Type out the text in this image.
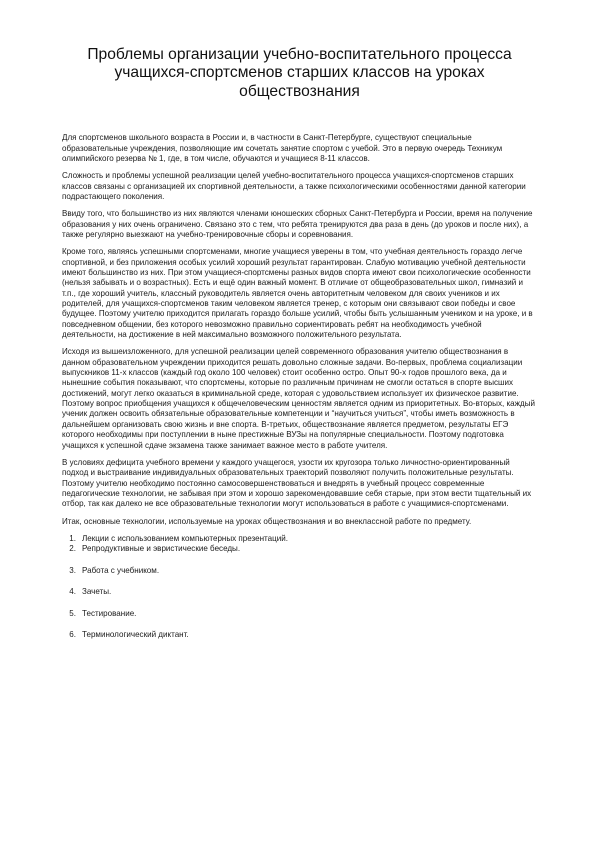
Проблемы организации учебно-воспитательного процесса учащихся-спортсменов старших классов на уроках обществознания

Для спортсменов школьного возраста в России и, в частности в Санкт-Петербурге, существуют специальные образовательные учреждения, позволяющие им сочетать занятие спортом с учебой. Это в первую очередь Техникум олимпийского резерва № 1, где, в том числе, обучаются и учащиеся 8-11 классов.

Сложность и проблемы успешной реализации целей учебно-воспитательного процесса учащихся-спортсменов старших классов связаны с организацией их спортивной деятельности, а также психологическими особенностями данной категории подрастающего поколения.

Ввиду того, что большинство из них являются членами юношеских сборных Санкт-Петербурга и России, время на получение образования у них очень ограничено. Связано это с тем, что ребята тренируются два раза в день (до уроков и после них), а также регулярно выезжают на учебно-тренировочные сборы и соревнования.

Кроме того, являясь успешными спортсменами, многие учащиеся уверены в том, что учебная деятельность гораздо легче спортивной, и без приложения особых усилий хороший результат гарантирован. Слабую мотивацию учебной деятельности имеют большинство из них. При этом учащиеся-спортсмены разных видов спорта имеют свои психологические особенности (нельзя забывать и о возрастных). Есть и ещё один важный момент. В отличие от общеобразовательных школ, гимназий и т.п., где хороший учитель, классный руководитель является очень авторитетным человеком для своих учеников и их родителей, для учащихся-спортсменов таким человеком является тренер, с которым они связывают свои победы и свое будущее. Поэтому учителю приходится прилагать гораздо больше усилий, чтобы быть услышанным учеником и на уроке, и в повседневном общении, без которого невозможно правильно сориентировать ребят на необходимость учебной деятельности, на достижение в ней максимально возможного положительного результата.

Исходя из вышеизложенного, для успешной реализации целей современного образования учителю обществознания в данном образовательном учреждении приходится решать довольно сложные задачи. Во-первых, проблема социализации выпускников 11-х классов (каждый год около 100 человек) стоит особенно остро. Опыт 90-х годов прошлого века, да и нынешние события показывают, что спортсмены, которые по различным причинам не смогли остаться в спорте высших достижений, могут легко оказаться в криминальной среде, которая с удовольствием использует их физическое развитие. Поэтому вопрос приобщения учащихся к общечеловеческим ценностям является одним из приоритетных. Во-вторых, каждый ученик должен освоить обязательные образовательные компетенции и “научиться учиться”, чтобы иметь возможность в дальнейшем организовать свою жизнь и вне спорта. В-третьих, обществознание является предметом, результаты ЕГЭ которого необходимы при поступлении в ныне престижные ВУЗы на популярные специальности. Поэтому подготовка учащихся к успешной сдаче экзамена также занимает важное место в работе учителя.

В условиях дефицита учебного времени у каждого учащегося, узости их кругозора только личностно-ориентированный подход и выстраивание индивидуальных образовательных траекторий позволяют получить положительные результаты. Поэтому учителю необходимо постоянно самосовершенствоваться и внедрять в учебный процесс современные педагогические технологии, не забывая при этом и хорошо зарекомендовавшие себя старые, при этом вести тщательный их отбор, так как далеко не все образовательные технологии могут использоваться в работе с учащимися-спортсменами.

Итак, основные технологии, используемые на уроках обществознания и во внеклассной работе по предмету.

1. Лекции с использованием компьютерных презентаций.
2. Репродуктивные и эвристические беседы.
3. Работа с учебником.
4. Зачеты.
5. Тестирование.
6. Терминологический диктант.
